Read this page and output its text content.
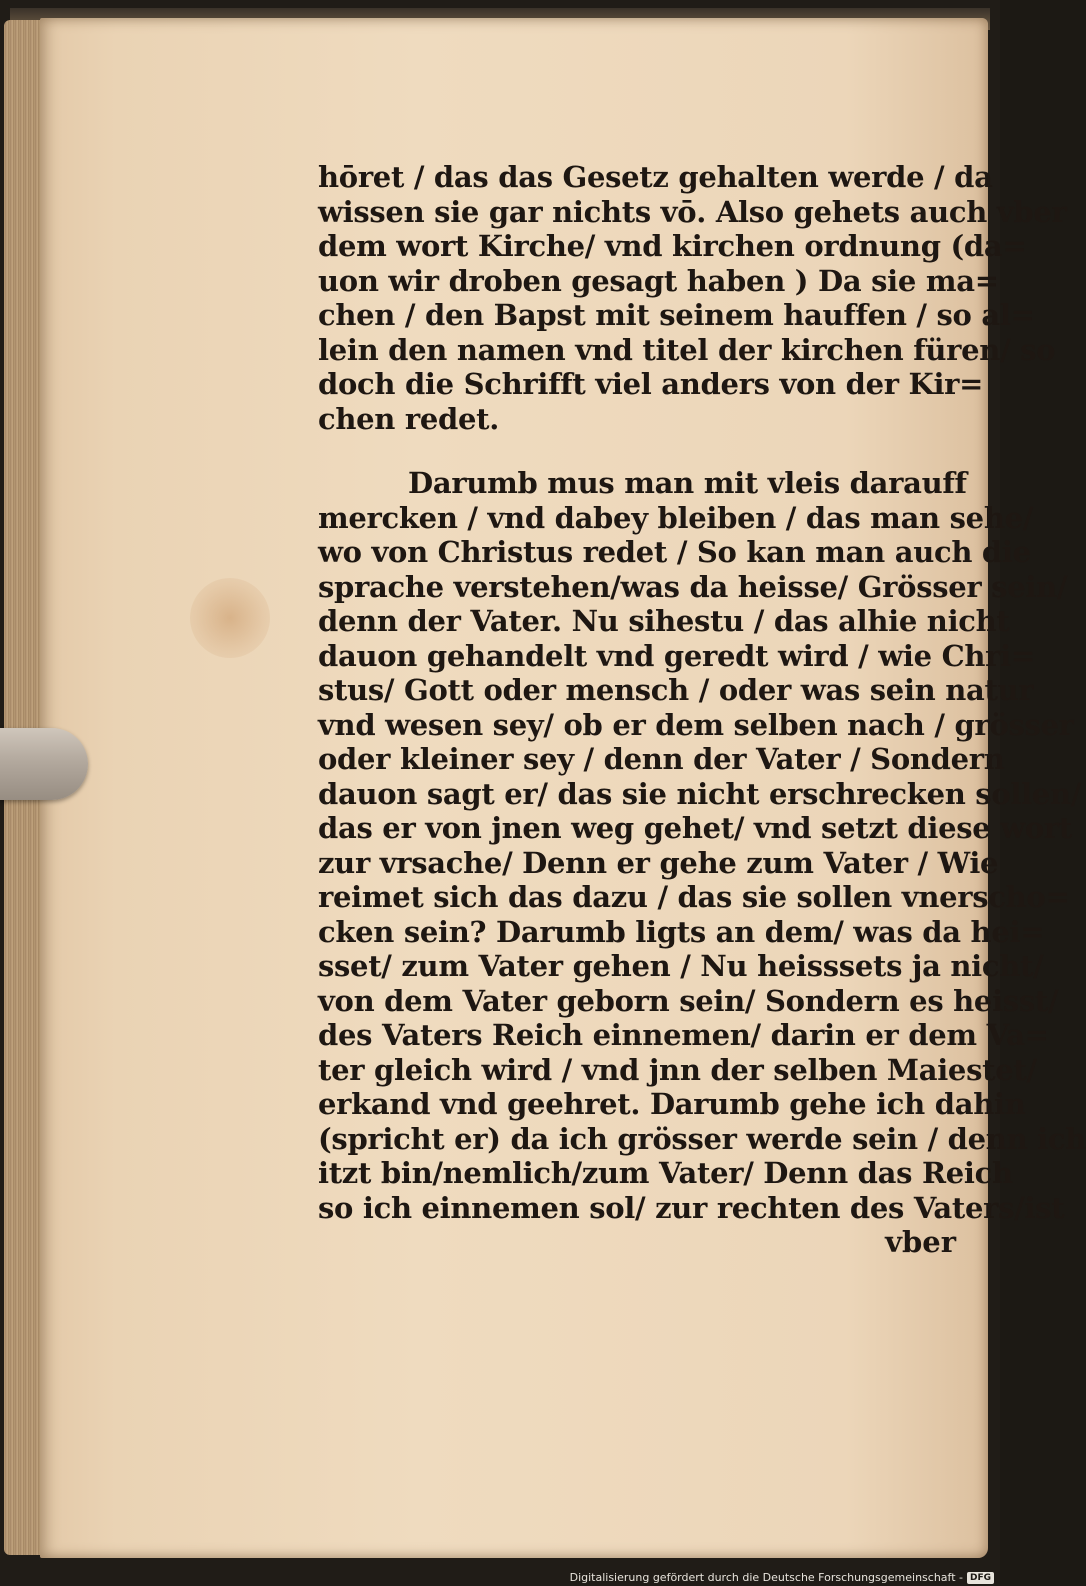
hōret / das das Gesetz gehalten werde / da
wissen sie gar nichts vō. Also gehets auch vber
dem wort Kirche/ vnd kirchen ordnung (da=
uon wir droben gesagt haben ) Da sie ma=
chen / den Bapst mit seinem hauffen / so al=
lein den namen vnd titel der kirchen füren/ so
doch die Schrifft viel anders von der Kir=
chen redet.
Darumb mus man mit vleis darauff
mercken / vnd dabey bleiben / das man sehe/
wo von Christus redet / So kan man auch die
sprache verstehen/was da heisse/ Grösser sein/
denn der Vater. Nu sihestu / das alhie nicht
dauon gehandelt vnd geredt wird / wie Chri=
stus/ Gott oder mensch / oder was sein natur
vnd wesen sey/ ob er dem selben nach / grösser
oder kleiner sey / denn der Vater / Sondern
dauon sagt er/ das sie nicht erschrecken sollen/
das er von jnen weg gehet/ vnd setzt diese wort
zur vrsache/ Denn er gehe zum Vater / Wie
reimet sich das dazu / das sie sollen vnerscho=
cken sein? Darumb ligts an dem/ was da hei=
sset/ zum Vater gehen / Nu heisssets ja nicht/
von dem Vater geborn sein/ Sondern es heisst/
des Vaters Reich einnemen/ darin er dem Va=
ter gleich wird / vnd jnn der selben Maiestet/
erkand vnd geehret. Darumb gehe ich dahin
(spricht er) da ich grösser werde sein / denn ich
itzt bin/nemlich/zum Vater/ Denn das Reich
so ich einnemen sol/ zur rechten des Vaters/ist
vber
Digitalisierung gefördert durch die Deutsche Forschungsgemeinschaft - DFG
